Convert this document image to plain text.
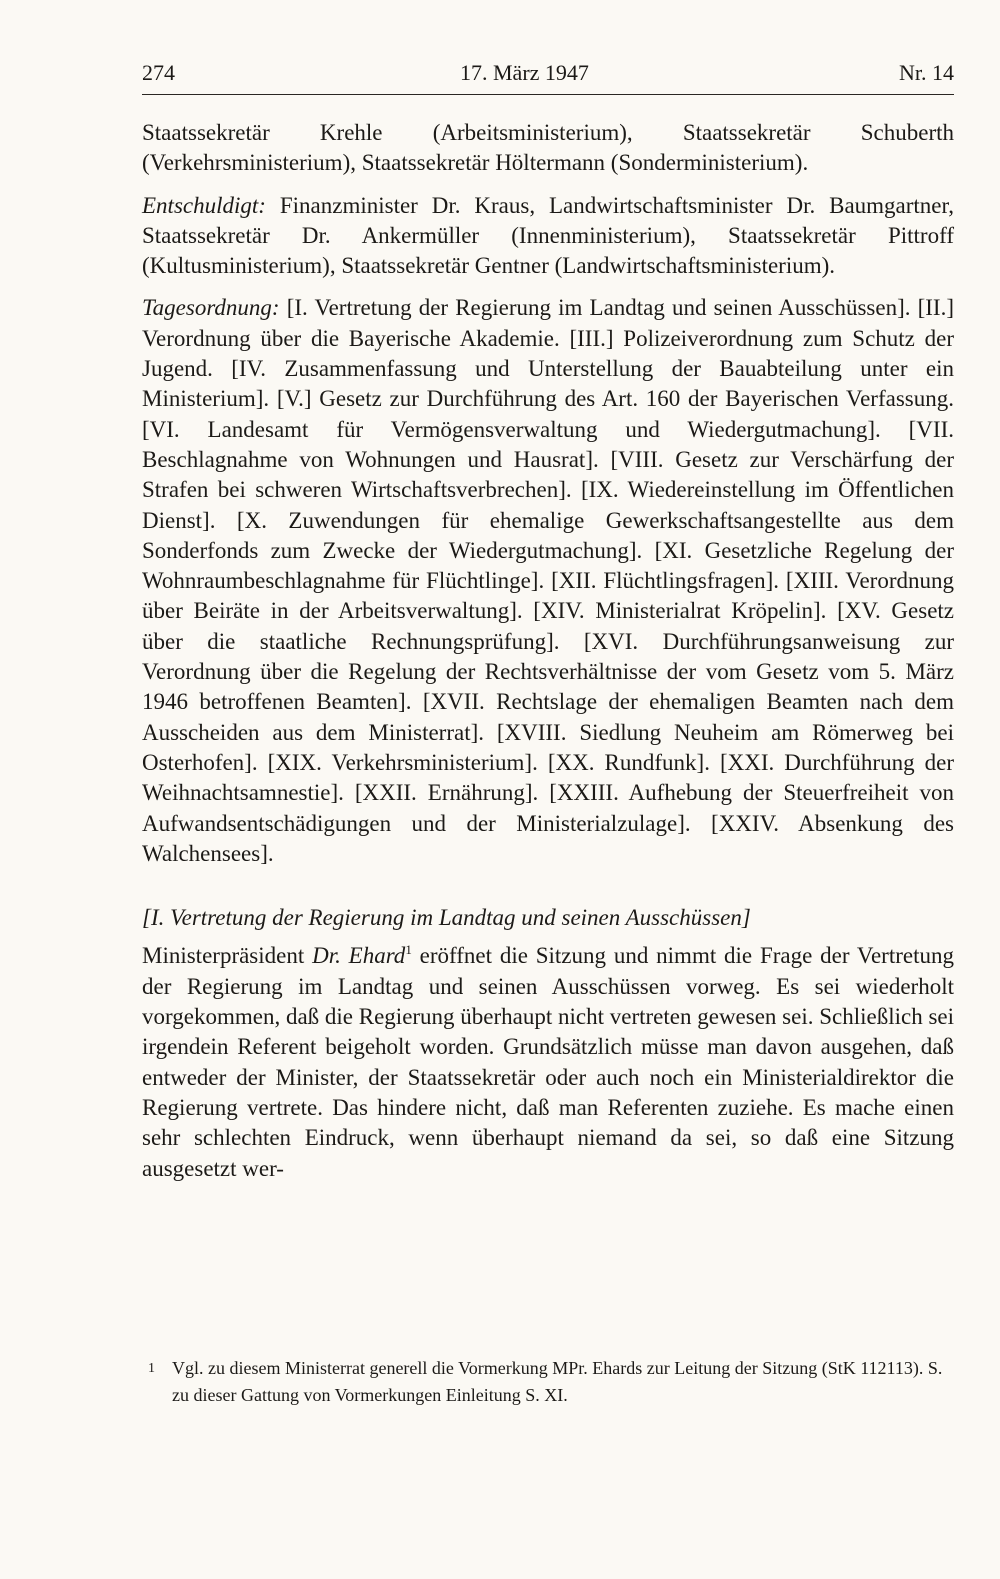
274	17. März 1947	Nr. 14

Staatssekretär Krehle (Arbeitsministerium), Staatssekretär Schuberth (Verkehrsministerium), Staatssekretär Höltermann (Sonderministerium).

Entschuldigt: Finanzminister Dr. Kraus, Landwirtschaftsminister Dr. Baumgartner, Staatssekretär Dr. Ankermüller (Innenministerium), Staatssekretär Pittroff (Kultusministerium), Staatssekretär Gentner (Landwirtschaftsministerium).

Tagesordnung: [I. Vertretung der Regierung im Landtag und seinen Ausschüssen]. [II.] Verordnung über die Bayerische Akademie. [III.] Polizeiverordnung zum Schutz der Jugend. [IV. Zusammenfassung und Unterstellung der Bauabteilung unter ein Ministerium]. [V.] Gesetz zur Durchführung des Art. 160 der Bayerischen Verfassung. [VI. Landesamt für Vermögensverwaltung und Wiedergutmachung]. [VII. Beschlagnahme von Wohnungen und Hausrat]. [VIII. Gesetz zur Verschärfung der Strafen bei schweren Wirtschaftsverbrechen]. [IX. Wiedereinstellung im Öffentlichen Dienst]. [X. Zuwendungen für ehemalige Gewerkschaftsangestellte aus dem Sonderfonds zum Zwecke der Wiedergutmachung]. [XI. Gesetzliche Regelung der Wohnraumbeschlagnahme für Flüchtlinge]. [XII. Flüchtlingsfragen]. [XIII. Verordnung über Beiräte in der Arbeitsverwaltung]. [XIV. Ministerialrat Kröpelin]. [XV. Gesetz über die staatliche Rechnungsprüfung]. [XVI. Durchführungsanweisung zur Verordnung über die Regelung der Rechtsverhältnisse der vom Gesetz vom 5. März 1946 betroffenen Beamten]. [XVII. Rechtslage der ehemaligen Beamten nach dem Ausscheiden aus dem Ministerrat]. [XVIII. Siedlung Neuheim am Römerweg bei Osterhofen]. [XIX. Verkehrsministerium]. [XX. Rundfunk]. [XXI. Durchführung der Weihnachtsamnestie]. [XXII. Ernährung]. [XXIII. Aufhebung der Steuerfreiheit von Aufwandsentschädigungen und der Ministerialzulage]. [XXIV. Absenkung des Walchensees].

[I. Vertretung der Regierung im Landtag und seinen Ausschüssen]

Ministerpräsident Dr. Ehard$^1$ eröffnet die Sitzung und nimmt die Frage der Vertretung der Regierung im Landtag und seinen Ausschüssen vorweg. Es sei wiederholt vorgekommen, daß die Regierung überhaupt nicht vertreten gewesen sei. Schließlich sei irgendein Referent beigeholt worden. Grundsätzlich müsse man davon ausgehen, daß entweder der Minister, der Staatssekretär oder auch noch ein Ministerialdirektor die Regierung vertrete. Das hindere nicht, daß man Referenten zuziehe. Es mache einen sehr schlechten Eindruck, wenn überhaupt niemand da sei, so daß eine Sitzung ausgesetzt wer-

1 Vgl. zu diesem Ministerrat generell die Vormerkung MPr. Ehards zur Leitung der Sitzung (StK 112113). S. zu dieser Gattung von Vormerkungen Einleitung S. XI.
